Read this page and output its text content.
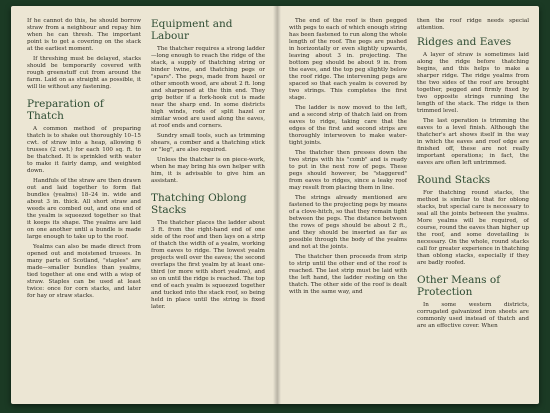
If he cannot do this, he should borrow straw from a neighbour and repay him when he can thresh. The important point is to get a covering on the stack at the earliest moment.

If threshing must be delayed, stacks should be temporarily covered with rough greenstuff cut from around the farm. Laid on as straight as possible, it will lie without any fastening.

Preparation of Thatch

A common method of preparing thatch is to shake out thoroughly 10–15 cwt. of straw into a heap, allowing 6 trusses (2 cwt.) for each 100 sq. ft. to be thatched. It is sprinkled with water to make it fairly damp, and weighted down.

Handfuls of the straw are then drawn out and laid together to form flat bundles (yealms) 18–24 in. wide and about 3 in. thick. All short straw and weeds are combed out, and one end of the yealm is squeezed together so that it keeps its shape. The yealms are laid on one another until a bundle is made large enough to take up to the roof.

Yealms can also be made direct from opened out and moistened trusses. In many parts of Scotland, "staples" are made—smaller bundles than yealms, tied together at one end with a wisp of straw. Staples can be used at least twice: once for corn stacks, and later for hay or straw stacks.

Equipment and Labour

The thatcher requires a strong ladder—long enough to reach the ridge of the stack, a supply of thatching string or binder twine, and thatching pegs or "spars". The pegs, made from hazel or other smooth wood, are about 2 ft. long and sharpened at the thin end. They grip better if a fork-hook cut is made near the sharp end. In some districts high winds, rods of split hazel or similar wood are used along the eaves, at roof ends and corners.

Sundry small tools, such as trimming shears, a comber and a thatching stick or "leg", are also required.

Unless the thatcher is on piece-work, when he may bring his own helper with him, it is advisable to give him an assistant.

Thatching Oblong Stacks

The thatcher places the ladder about 3 ft. from the right-hand end of one side of the roof and then lays on a strip of thatch the width of a yealm, working from eaves to ridge. The lowest yealm projects well over the eaves; the second overlaps the first yealm by at least one-third (or more with short yealms), and so on until the ridge is reached. The top end of each yealm is squeezed together and tucked into the stack roof, so being held in place until the string is fixed later.

The end of the roof is then pegged with pegs to each of which enough string has been fastened to run along the whole length of the roof. The pegs are pushed in horizontally or even slightly upwards, leaving about 3 in. projecting. The bottom peg should be about 9 in. from the eaves, and the top peg slightly below the roof ridge. The intervening pegs are spaced so that each yealm is covered by two strings. This completes the first stage.

The ladder is now moved to the left, and a second strip of thatch laid on from eaves to ridge, taking care that the edges of the first and second strips are thoroughly interwoven to make water-tight joints.

The thatcher then presses down the two strips with his "comb" and is ready to put in the next row of pegs. These pegs should however, be "staggered" from eaves to ridges, since a leaky roof may result from placing them in line.

The strings already mentioned are fastened to the projecting pegs by means of a clove-hitch, so that they remain tight between the pegs. The distance between the rows of pegs should be about 2 ft., and they should be inserted as far as possible through the body of the yealms and not at the joints.

The thatcher then proceeds from strip to strip until the other end of the roof is reached. The last strip must be laid with the left hand, the ladder resting on the thatch. The other side of the roof is dealt with in the same way, and

then the roof ridge needs special attention.

Ridges and Eaves

A layer of straw is sometimes laid along the ridge before thatching begins, and this helps to make a sharper ridge. The ridge yealms from the two sides of the roof are brought together, pegged and firmly fixed by two opposite strings running the length of the stack. The ridge is then trimmed level.

The last operation is trimming the eaves to a level finish. Although the thatcher's art shows itself in the way in which the eaves and roof edge are finished off, these are not really important operations; in fact, the eaves are often left untrimmed.

Round Stacks

For thatching round stacks, the method is similar to that for oblong stacks, but special care is necessary to seal all the joints between the yealms. More yealms will be required, of course, round the eaves than higher up the roof, and some dovetailing is necessary. On the whole, round stacks call for greater experience in thatching than oblong stacks, especially if they are badly roofed.

Other Means of Protection

In some western districts, corrugated galvanized iron sheets are commonly used instead of thatch and are an effective cover. When
